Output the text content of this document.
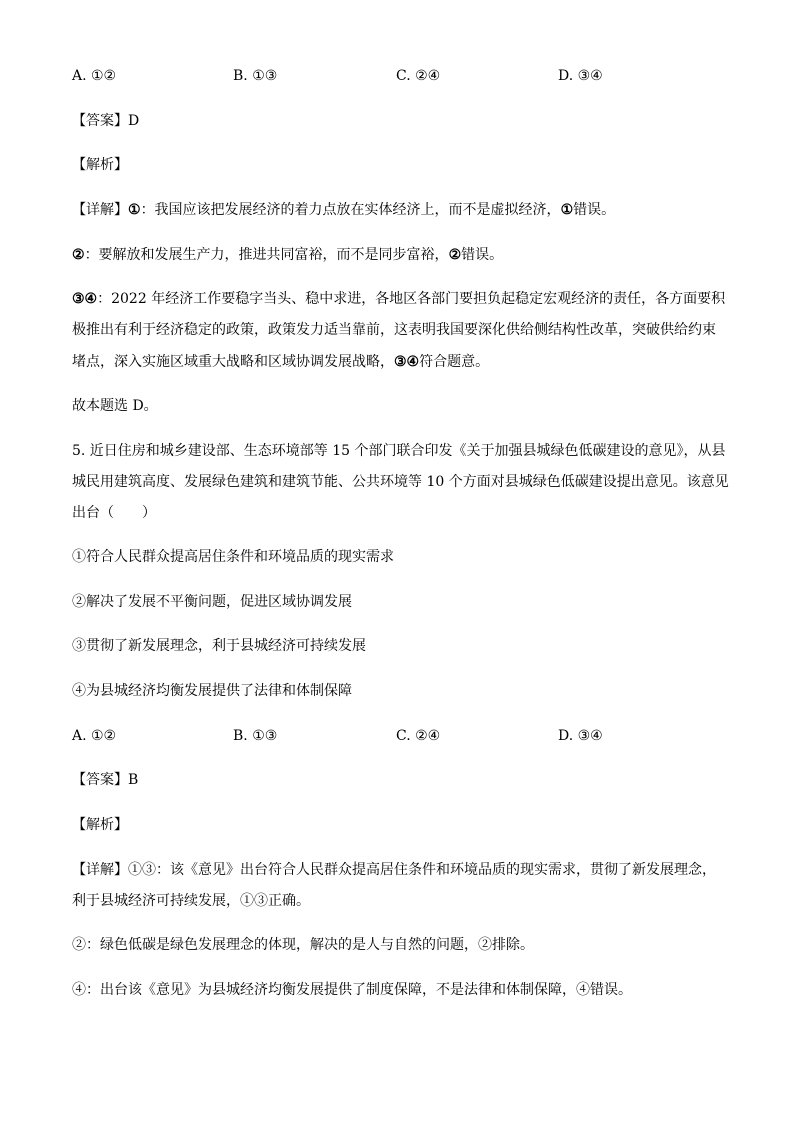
A. ①②	B. ①③	C. ②④	D. ③④
【答案】D
【解析】
【详解】①：我国应该把发展经济的着力点放在实体经济上，而不是虚拟经济，①错误。
②：要解放和发展生产力，推进共同富裕，而不是同步富裕，②错误。
③④：2022 年经济工作要稳字当头、稳中求进，各地区各部门要担负起稳定宏观经济的责任，各方面要积
极推出有利于经济稳定的政策，政策发力适当靠前，这表明我国要深化供给侧结构性改革，突破供给约束
堵点，深入实施区域重大战略和区域协调发展战略，③④符合题意。
故本题选 D。
5. 近日住房和城乡建设部、生态环境部等 15 个部门联合印发《关于加强县城绿色低碳建设的意见》，从县
城民用建筑高度、发展绿色建筑和建筑节能、公共环境等 10 个方面对县城绿色低碳建设提出意见。该意见
出台（　　）
①符合人民群众提高居住条件和环境品质的现实需求
②解决了发展不平衡问题，促进区域协调发展
③贯彻了新发展理念，利于县城经济可持续发展
④为县城经济均衡发展提供了法律和体制保障
A. ①②	B. ①③	C. ②④	D. ③④
【答案】B
【解析】
【详解】①③：该《意见》出台符合人民群众提高居住条件和环境品质的现实需求，贯彻了新发展理念，
利于县城经济可持续发展，①③正确。
②：绿色低碳是绿色发展理念的体现，解决的是人与自然的问题，②排除。
④：出台该《意见》为县城经济均衡发展提供了制度保障，不是法律和体制保障，④错误。
